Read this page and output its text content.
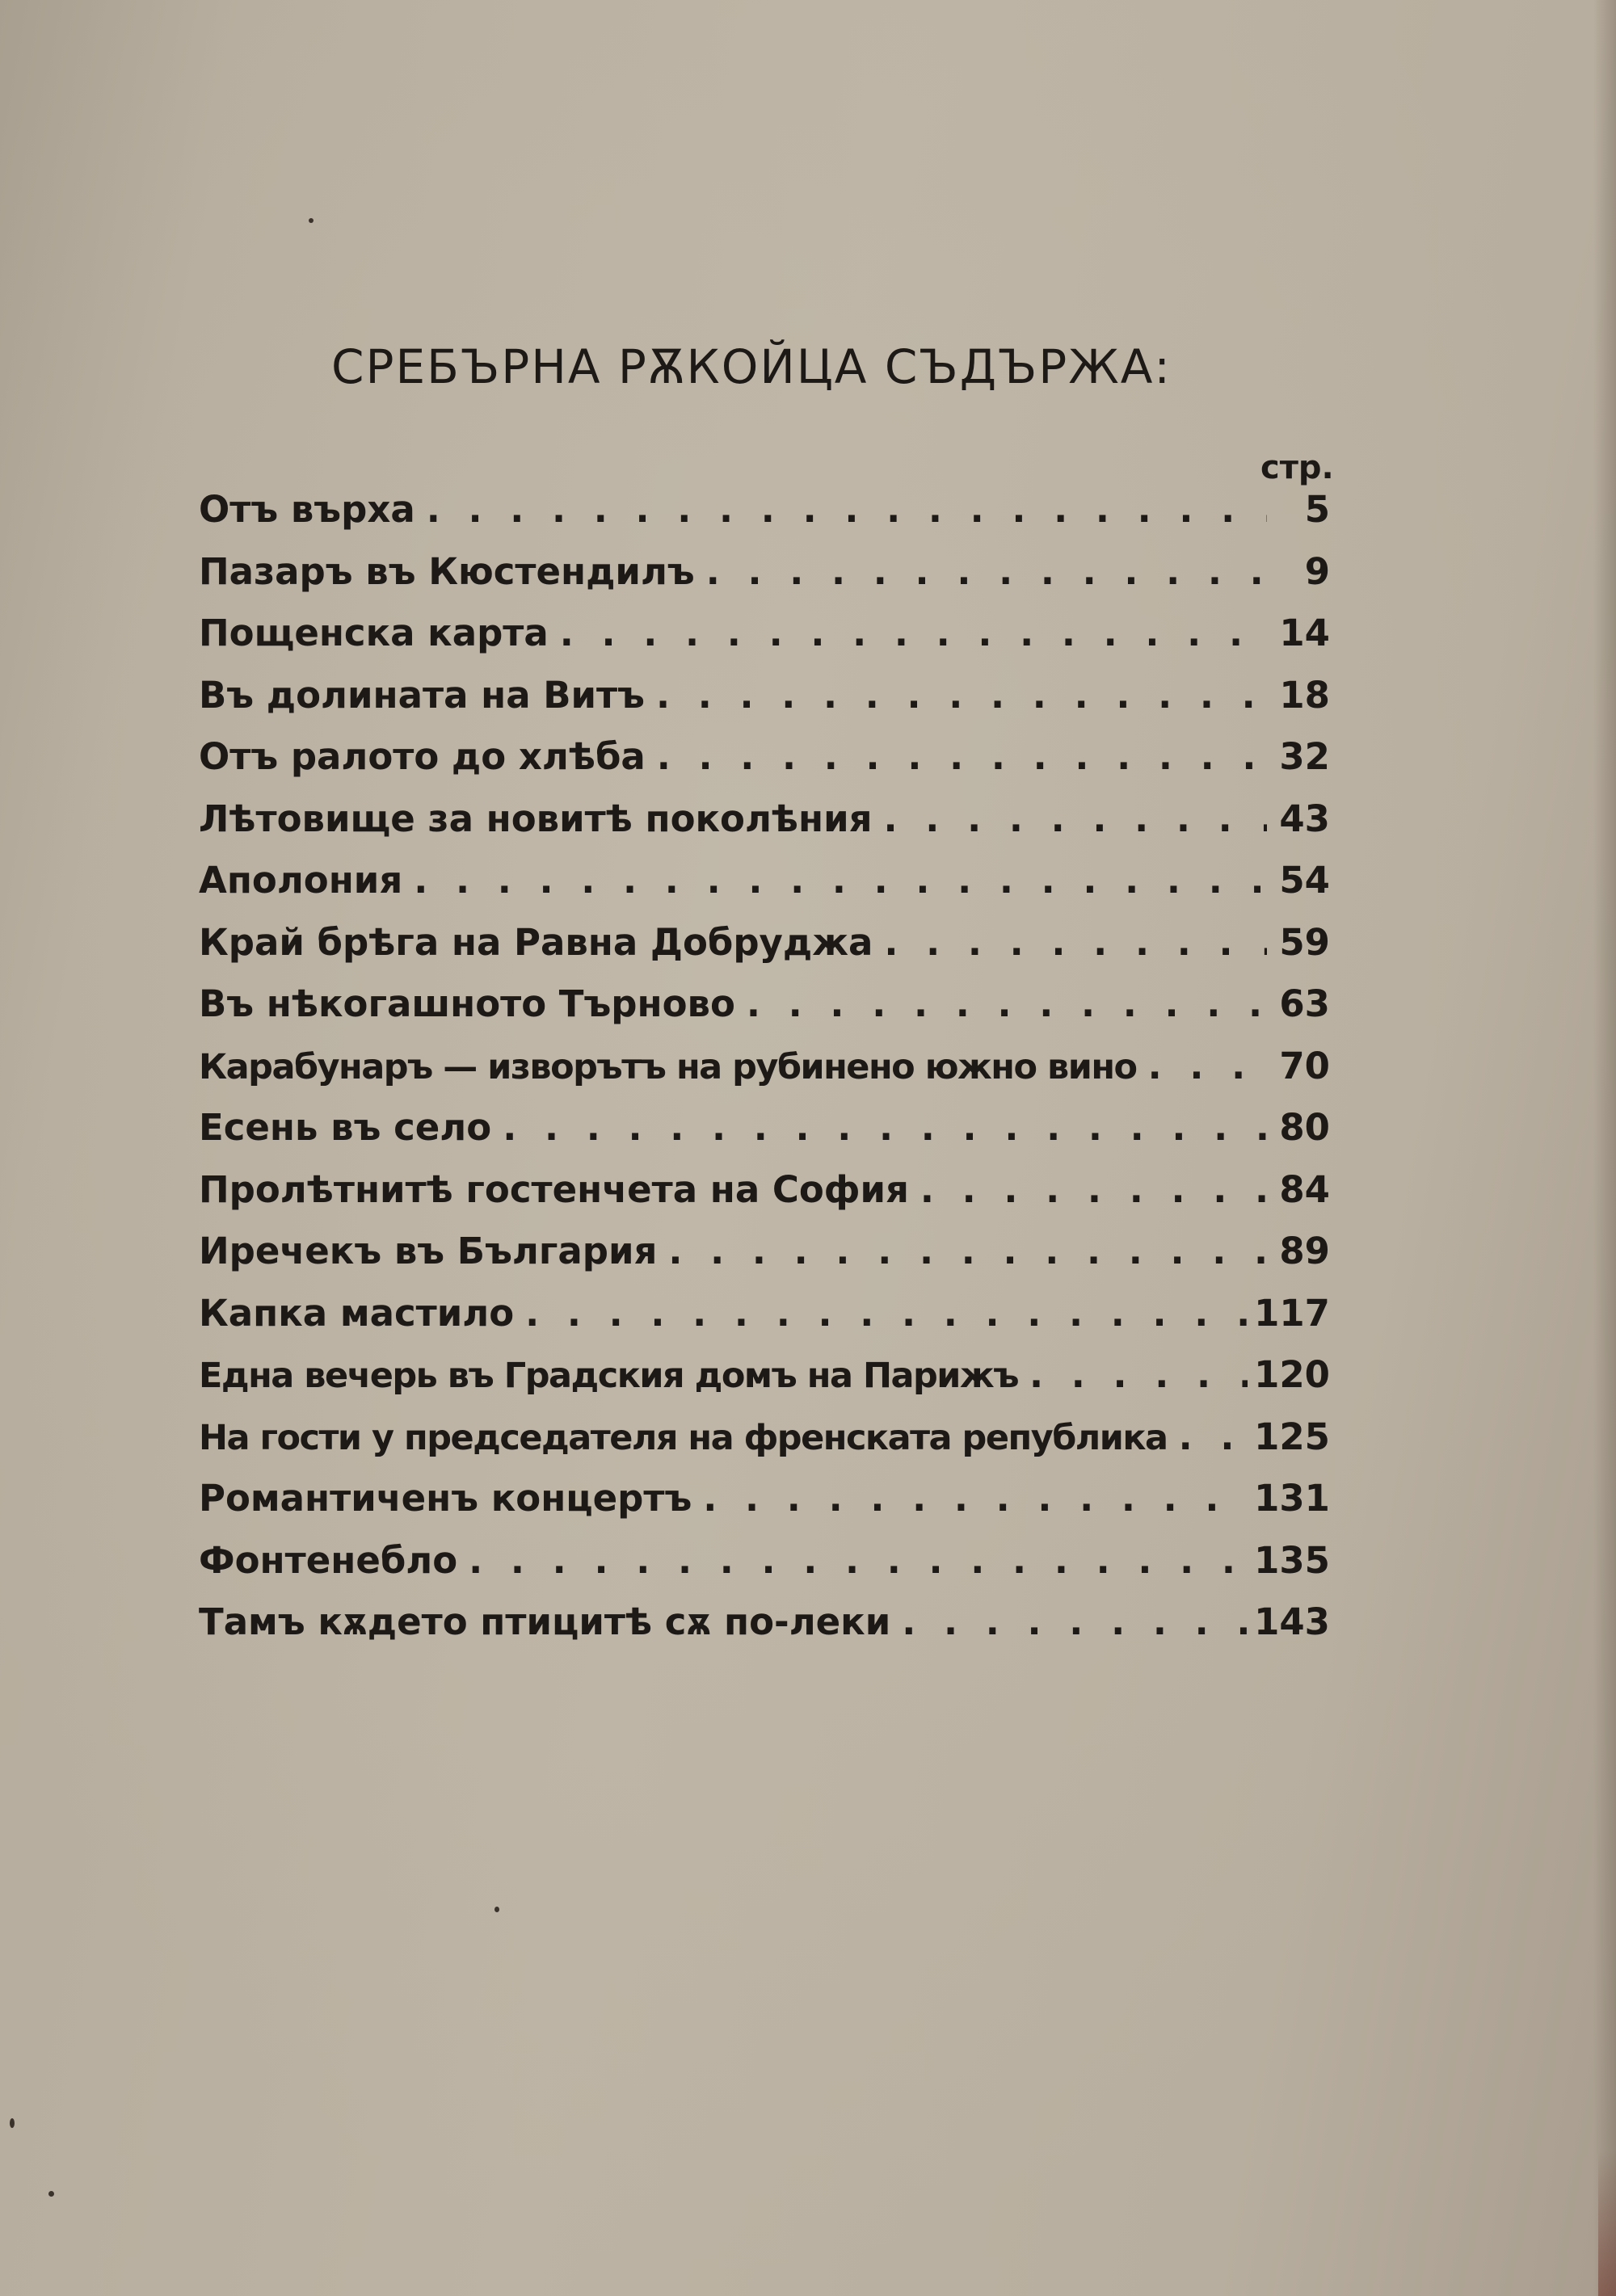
СРЕБЪРНА РѪКОЙЦА СЪДЪРЖА:
стр.
Отъ върха . . .	5
Пазаръ въ Кюстендилъ . . .	9
Пощенска карта . . .	14
Въ долината на Витъ . . .	18
Отъ ралото до хлѣба . . .	32
Лѣтовище за новитѣ поколѣния . . .	43
Аполония . . .	54
Край брѣга на Равна Добруджа . . .	59
Въ нѣкогашното Търново . . .	63
Карабунаръ — изворътъ на рубинено южно вино . . .	70
Есень въ село . . .	80
Пролѣтнитѣ гостенчета на София . . .	84
Иречекъ въ България . . .	89
Капка мастило . . .	117
Една вечерь въ Градския домъ на Парижъ . . .	120
На гости у председателя на френската република . . . 125
Романтиченъ концертъ . . .	131
Фонтенебло . . .	135
Тамъ кѫдето птицитѣ сѫ по-леки . . .	143
